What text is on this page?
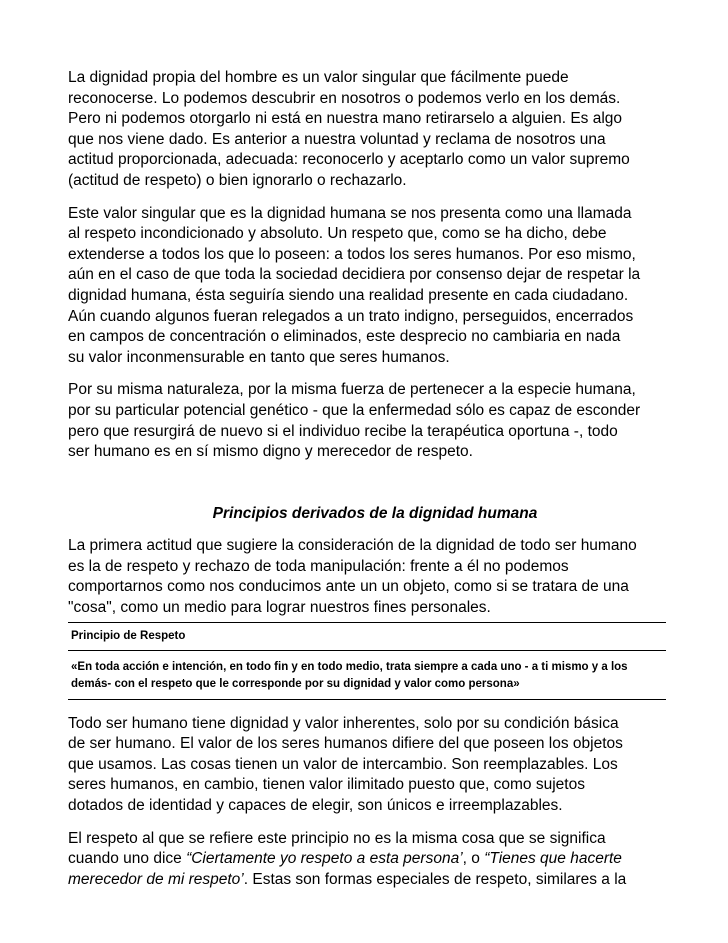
La dignidad propia del hombre es un valor singular que fácilmente puede
reconocerse. Lo podemos descubrir en nosotros o podemos verlo en los demás.
Pero ni podemos otorgarlo ni está en nuestra mano retirarselo a alguien. Es algo
que nos viene dado. Es anterior a nuestra voluntad y reclama de nosotros una
actitud proporcionada, adecuada: reconocerlo y aceptarlo como un valor supremo
(actitud de respeto) o bien ignorarlo o rechazarlo.
Este valor singular que es la dignidad humana se nos presenta como una llamada
al respeto incondicionado y absoluto. Un respeto que, como se ha dicho, debe
extenderse a todos los que lo poseen: a todos los seres humanos. Por eso mismo,
aún en el caso de que toda la sociedad decidiera por consenso dejar de respetar la
dignidad humana, ésta seguiría siendo una realidad presente en cada ciudadano.
Aún cuando algunos fueran relegados a un trato indigno, perseguidos, encerrados
en campos de concentración o eliminados, este desprecio no cambiaria en nada
su valor inconmensurable en tanto que seres humanos.
Por su misma naturaleza, por la misma fuerza de pertenecer a la especie humana,
por su particular potencial genético - que la enfermedad sólo es capaz de esconder
pero que resurgirá de nuevo si el individuo recibe la terapéutica oportuna -, todo
ser humano es en sí mismo digno y merecedor de respeto.
Principios derivados de la dignidad humana
La primera actitud que sugiere la consideración de la dignidad de todo ser humano
es la de respeto y rechazo de toda manipulación: frente a él no podemos
comportarnos como nos conducimos ante un un objeto, como si se tratara de una
"cosa", como un medio para lograr nuestros fines personales.
Principio de Respeto
«En toda acción e intención, en todo fin y en todo medio, trata siempre a cada uno - a ti mismo y a los
demás- con el respeto que le corresponde por su dignidad y valor como persona»
Todo ser humano tiene dignidad y valor inherentes, solo por su condición básica
de ser humano. El valor de los seres humanos difiere del que poseen los objetos
que usamos. Las cosas tienen un valor de intercambio. Son reemplazables. Los
seres humanos, en cambio, tienen valor ilimitado puesto que, como sujetos
dotados de identidad y capaces de elegir, son únicos e irreemplazables.
El respeto al que se refiere este principio no es la misma cosa que se significa
cuando uno dice “Ciertamente yo respeto a esta persona’, o “Tienes que hacerte
merecedor de mi respeto’. Estas son formas especiales de respeto, similares a la
